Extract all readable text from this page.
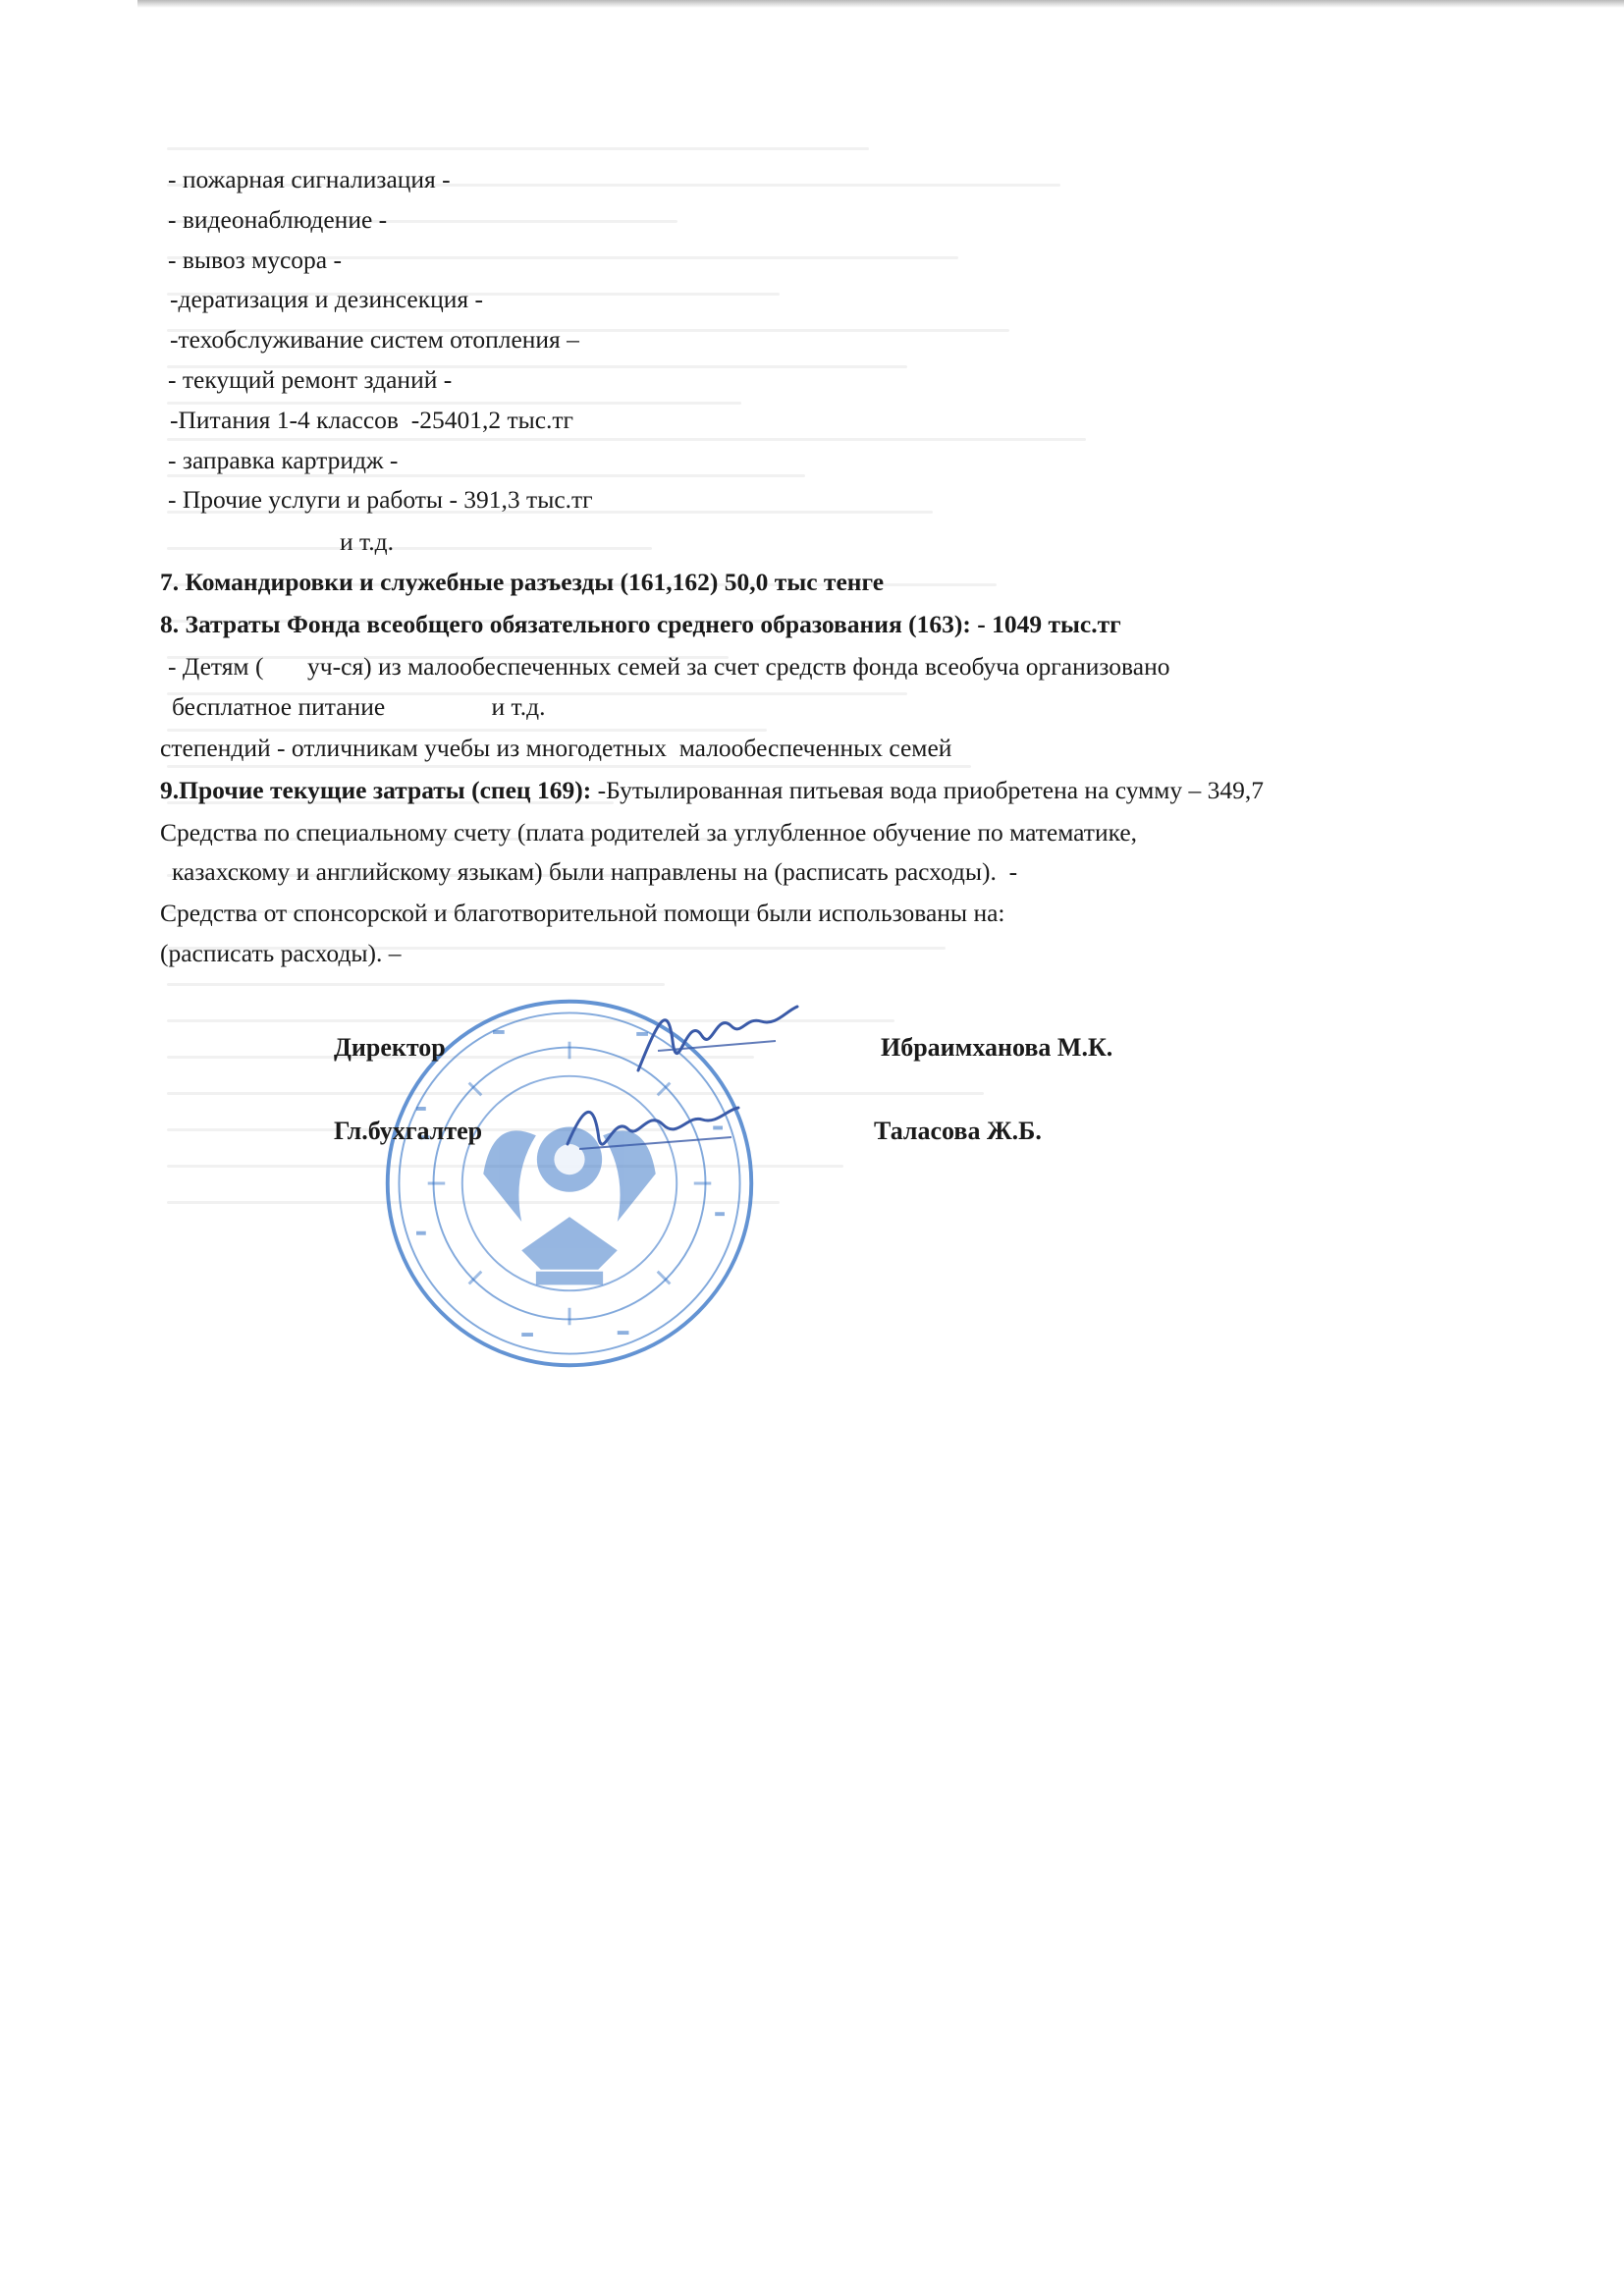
- пожарная сигнализация -
- видеонаблюдение -
- вывоз мусора -
-дератизация и дезинсекция -
-техобслуживание систем отопления –
- текущий ремонт зданий -
-Питания 1-4 классов  -25401,2 тыс.тг
- заправка картридж -
- Прочие услуги и работы - 391,3 тыс.тг
и т.д.
7. Командировки и служебные разъезды (161,162) 50,0 тыс тенге
8. Затраты Фонда всеобщего обязательного среднего образования (163): - 1049 тыс.тг
- Детям (       уч-ся) из малообеспеченных семей за счет средств фонда всеобуча организовано
бесплатное питание                 и т.д.
степендий - отличникам учебы из многодетных  малообеспеченных семей
9.Прочие текущие затраты (спец 169): -Бутылированная питьевая вода приобретена на сумму – 349,7
Средства по специальному счету (плата родителей за углубленное обучение по математике,
казахскому и английскому языкам) были направлены на (расписать расходы).  -
Средства от спонсорской и благотворительной помощи были использованы на:
(расписать расходы). –
Директор	Ибраимханова М.К.
Гл.бухгалтер	Таласова Ж.Б.
